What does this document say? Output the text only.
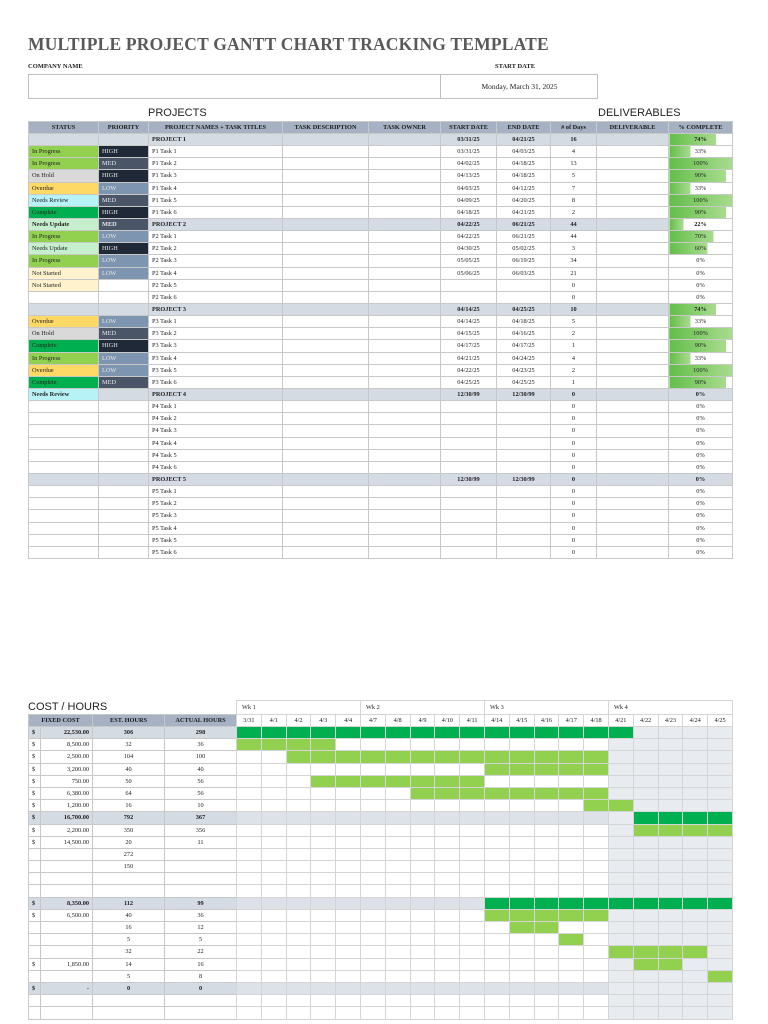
MULTIPLE PROJECT GANTT CHART TRACKING TEMPLATE
COMPANY NAME	START DATE
Monday, March 31, 2025
PROJECTS	DELIVERABLES
STATUS	PRIORITY	PROJECT NAMES + TASK TITLES	TASK DESCRIPTION	TASK OWNER	START DATE	END DATE	# of Days	DELIVERABLE	% COMPLETE
		PROJECT 1			03/31/25	04/21/25	16		74%
In Progress	HIGH	P1 Task 1			03/31/25	04/03/25	4		33%
In Progress	MED	P1 Task 2			04/02/25	04/18/25	13		100%
On Hold	HIGH	P1 Task 3			04/13/25	04/18/25	5		90%
Overdue	LOW	P1 Task 4			04/03/25	04/12/25	7		33%
Needs Review	MED	P1 Task 5			04/09/25	04/20/25	8		100%
Complete	HIGH	P1 Task 6			04/18/25	04/21/25	2		90%
Needs Update	MED	PROJECT 2			04/22/25	06/21/25	44		22%
In Progress	LOW	P2 Task 1			04/22/25	06/21/25	44		70%
Needs Update	HIGH	P2 Task 2			04/30/25	05/02/25	3		60%
In Progress	LOW	P2 Task 3			05/05/25	06/19/25	34		0%
Not Started	LOW	P2 Task 4			05/06/25	06/03/25	21		0%
Not Started		P2 Task 5					0		0%
		P2 Task 6					0		0%
		PROJECT 3			04/14/25	04/25/25	10		74%
Overdue	LOW	P3 Task 1			04/14/25	04/18/25	5		33%
On Hold	MED	P3 Task 2			04/15/25	04/16/25	2		100%
Complete	HIGH	P3 Task 3			04/17/25	04/17/25	1		90%
In Progress	LOW	P3 Task 4			04/21/25	04/24/25	4		33%
Overdue	LOW	P3 Task 5			04/22/25	04/23/25	2		100%
Complete	MED	P3 Task 6			04/25/25	04/25/25	1		90%
Needs Review		PROJECT 4			12/30/99	12/30/99	0		0%
		P4 Task 1					0		0%
		P4 Task 2					0		0%
		P4 Task 3					0		0%
		P4 Task 4					0		0%
		P4 Task 5					0		0%
		P4 Task 6					0		0%
		PROJECT 5			12/30/99	12/30/99	0		0%
		P5 Task 1					0		0%
		P5 Task 2					0		0%
		P5 Task 3					0		0%
		P5 Task 4					0		0%
		P5 Task 5					0		0%
		P5 Task 6					0		0%
COST / HOURS
FIXED COST		EST. HOURS	ACTUAL HOURS
$	22,530.00	306	298
$	8,500.00	32	36
$	2,500.00	104	100
$	3,200.00	40	40
$	750.00	50	56
$	6,380.00	64	56
$	1,200.00	16	10
$	16,700.00	792	367
$	2,200.00	350	356
$	14,500.00	20	11
		272	
		150	

$	8,350.00	112	99
$	6,500.00	40	36
		16	12
		5	5
		32	22
$	1,850.00	14	16
		5	8
$	-	0	0

Wk 1					Wk 2					Wk 3					Wk 4				
3/31	4/1	4/2	4/3	4/4	4/7	4/8	4/9	4/10	4/11	4/14	4/15	4/16	4/17	4/18	4/21	4/22	4/23	4/24	4/25
